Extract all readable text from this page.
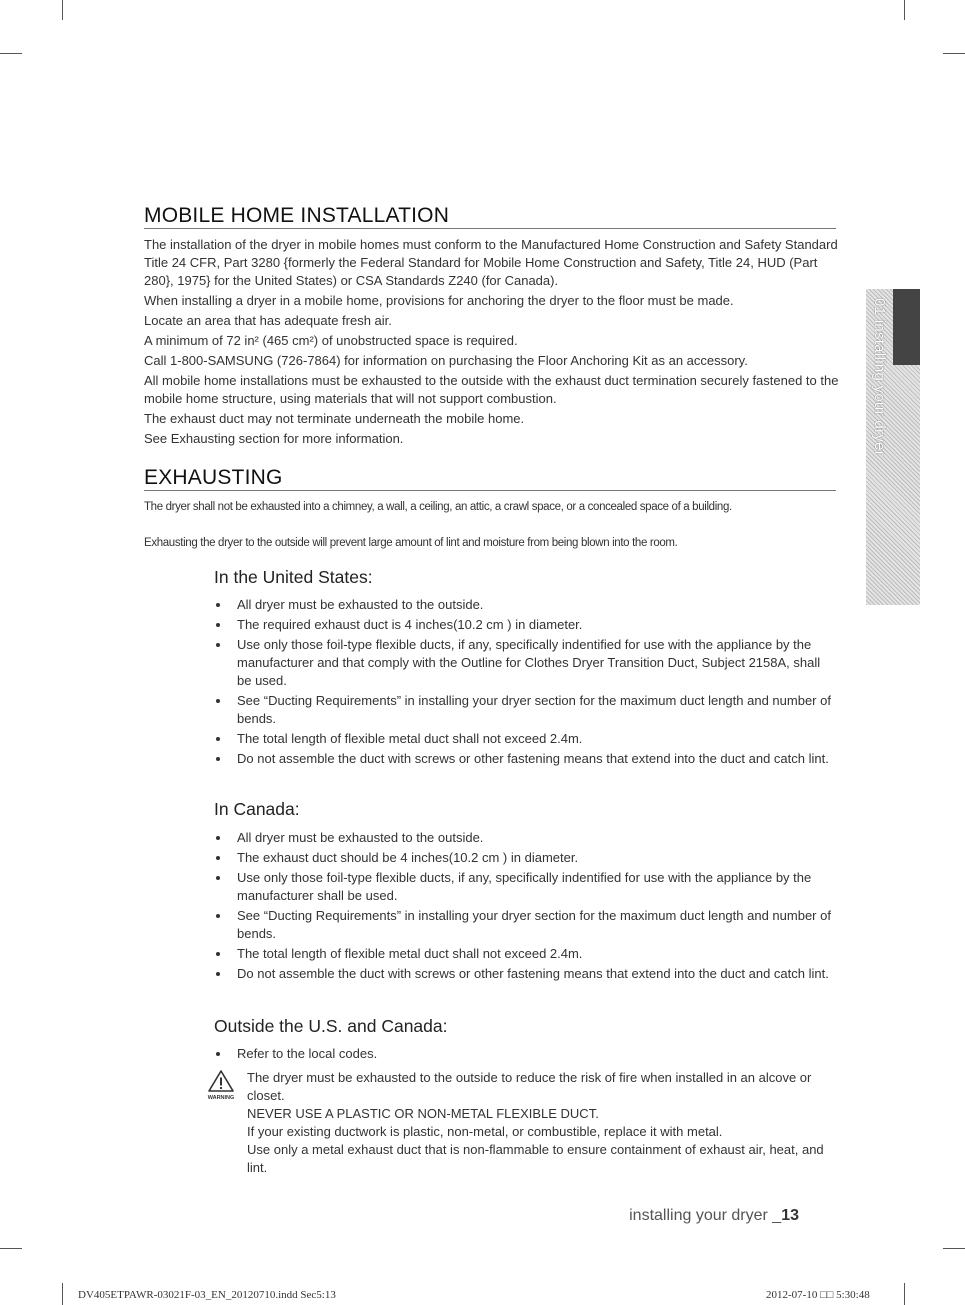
MOBILE HOME INSTALLATION

The installation of the dryer in mobile homes must conform to the Manufactured Home Construction and Safety Standard Title 24 CFR, Part 3280 {formerly the Federal Standard for Mobile Home Construction and Safety, Title 24, HUD (Part 280}, 1975} for the United States) or CSA Standards Z240 (for Canada).

When installing a dryer in a mobile home, provisions for anchoring the dryer to the floor must be made.

Locate an area that has adequate fresh air.

A minimum of 72 in² (465 cm²) of unobstructed space is required.

Call 1-800-SAMSUNG (726-7864) for information on purchasing the Floor Anchoring Kit as an accessory.

All mobile home installations must be exhausted to the outside with the exhaust duct termination securely fastened to the mobile home structure, using materials that will not support combustion.

The exhaust duct may not terminate underneath the mobile home.

See Exhausting section for more information.

EXHAUSTING

The dryer shall not be exhausted into a chimney, a wall, a ceiling, an attic, a crawl space, or a concealed space of a building.

Exhausting the dryer to the outside will prevent large amount of lint and moisture from being blown into the room.

In the United States:
All dryer must be exhausted to the outside.
The required exhaust duct is 4 inches(10.2 cm ) in diameter.
Use only those foil-type flexible ducts, if any, specifically indentified for use with the appliance by the manufacturer and that comply with the Outline for Clothes Dryer Transition Duct, Subject 2158A, shall be used.
See “Ducting Requirements” in installing your dryer section for the maximum duct length and number of bends.
The total length of flexible metal duct shall not exceed 2.4m.
Do not assemble the duct with screws or other fastening means that extend into the duct and catch lint.
In Canada:
All dryer must be exhausted to the outside.
The exhaust duct should be 4 inches(10.2 cm ) in diameter.
Use only those foil-type flexible ducts, if any, specifically indentified for use with the appliance by the manufacturer shall be used.
See “Ducting Requirements” in installing your dryer section for the maximum duct length and number of bends.
The total length of flexible metal duct shall not exceed 2.4m.
Do not assemble the duct with screws or other fastening means that extend into the duct and catch lint.
Outside the U.S. and Canada:
Refer to the local codes.
WARNING

The dryer must be exhausted to the outside to reduce the risk of fire when installed in an alcove or closet.

NEVER USE A PLASTIC OR NON-METAL FLEXIBLE DUCT.

If your existing ductwork is plastic, non-metal, or combustible, replace it with metal.

Use only a metal exhaust duct that is non-flammable to ensure containment of exhaust air, heat, and lint.

01 installing your dryer
installing your dryer _13
DV405ETPAWR-03021F-03_EN_20120710.indd Sec5:13	2012-07-10 □□ 5:30:48
